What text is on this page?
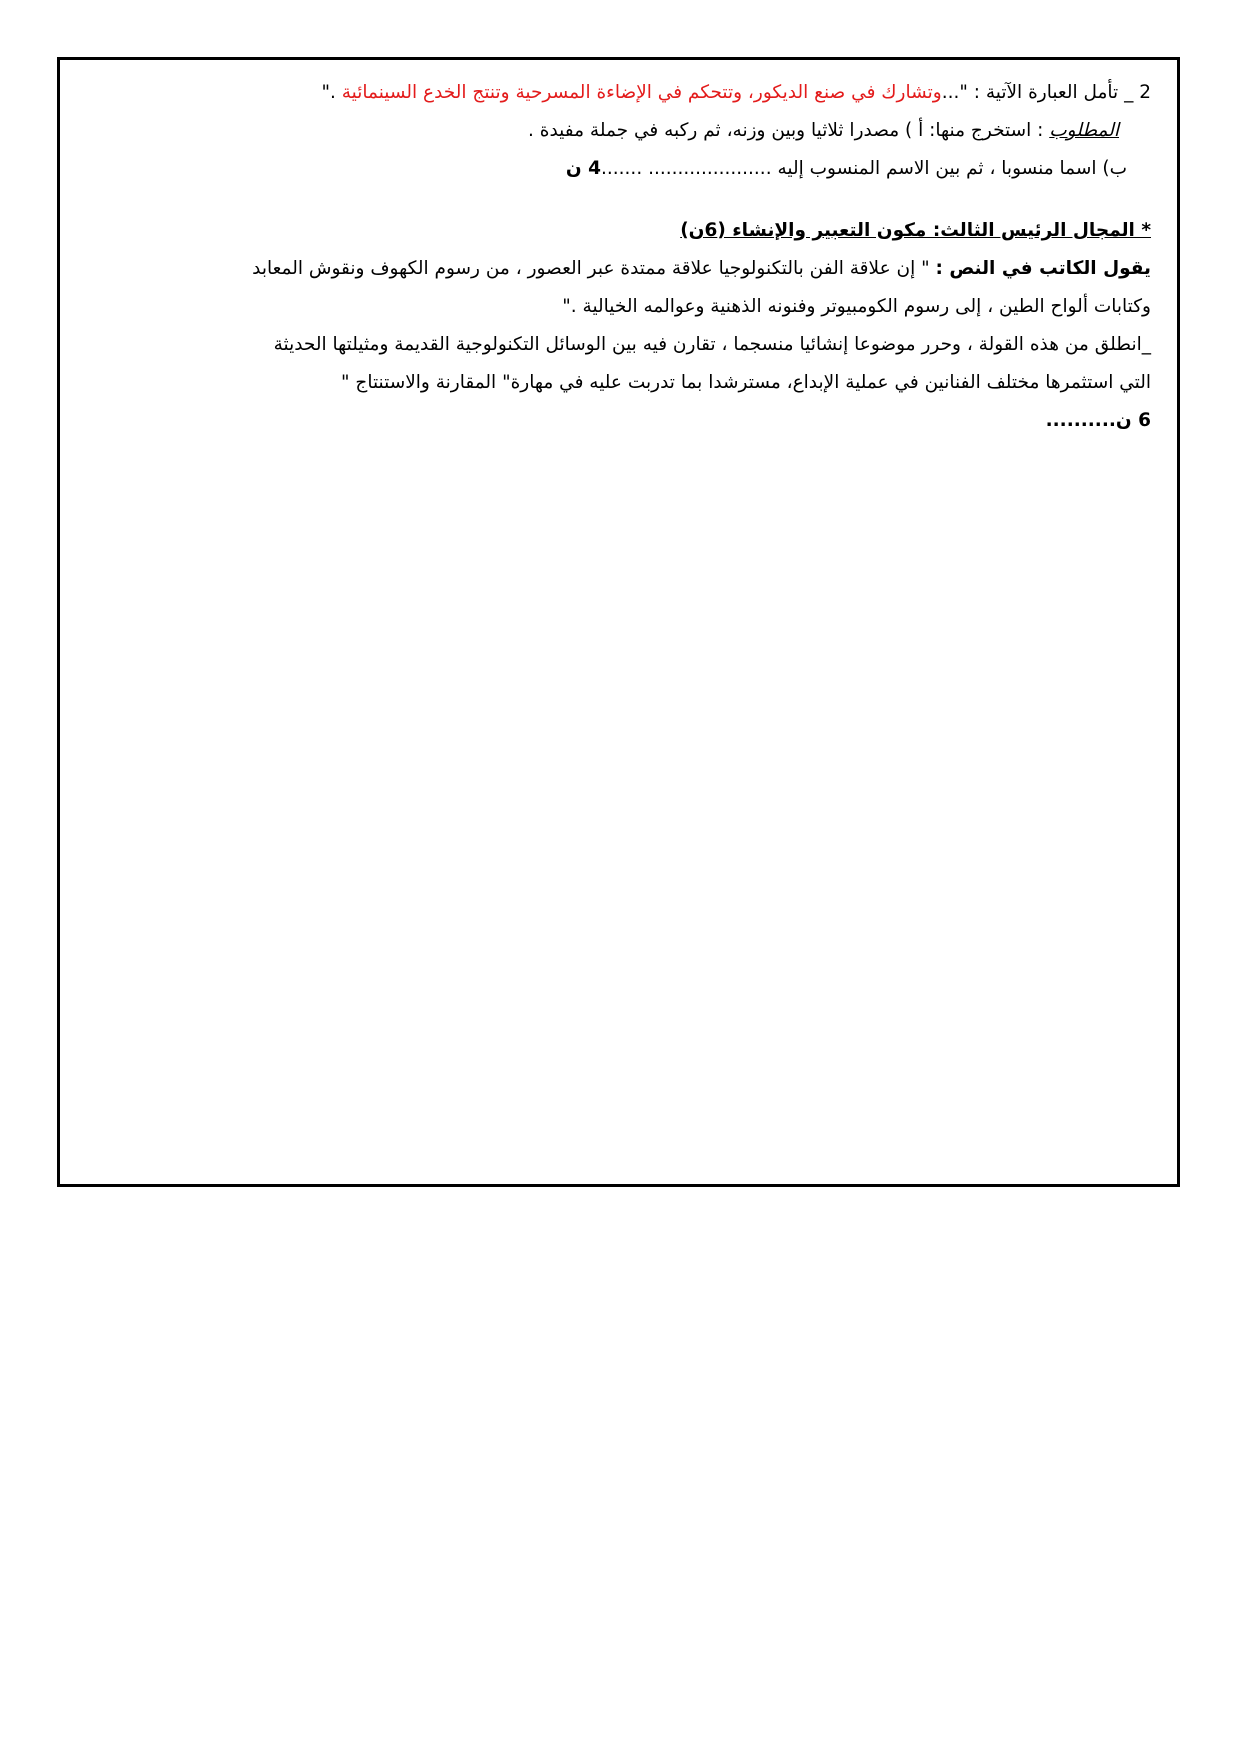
2 _ تأمل العبارة الآتية : "...وتشارك في صنع الديكور، وتتحكم في الإضاءة المسرحية وتنتج الخدع السينمائية ."
المطلوب : استخرج منها: أ ) مصدرا ثلاثيا وبين وزنه، ثم ركبه في جملة مفيدة .
ب) اسما منسوبا ، ثم بين الاسم المنسوب إليه ..................... .......4 ن
* المجال الرئيس الثالث: مكون التعبير والإنشاء (6ن)
يقول الكاتب في النص : " إن علاقة الفن بالتكنولوجيا علاقة ممتدة عبر العصور ، من رسوم الكهوف ونقوش المعابد
وكتابات ألواح الطين ، إلى رسوم الكومبيوتر وفنونه الذهنية وعوالمه الخيالية ."
_انطلق من هذه القولة ، وحرر موضوعا إنشائيا منسجما ، تقارن فيه بين الوسائل التكنولوجية القديمة ومثيلتها الحديثة
التي استثمرها مختلف الفنانين في عملية الإبداع، مسترشدا بما تدربت عليه في مهارة" المقارنة والاستنتاج "
6 ن..........
